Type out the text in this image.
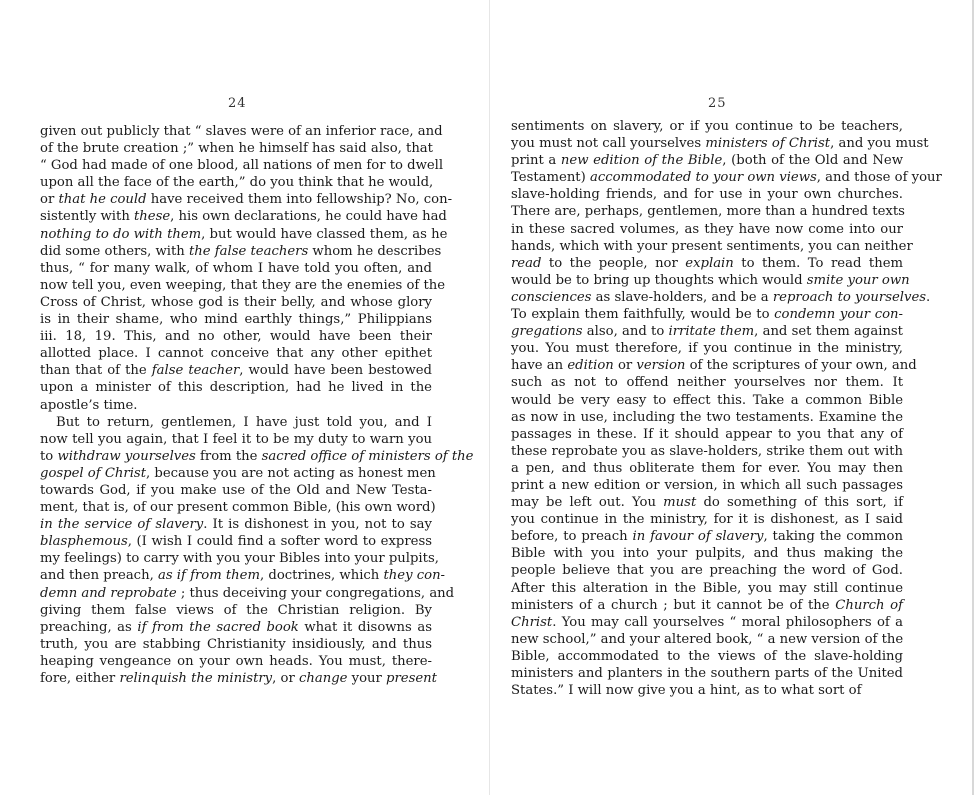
24
given out publicly that “ slaves were of an inferior race, and
of the brute creation ;” when he himself has said also, that
“ God had made of one blood, all nations of men for to dwell
upon all the face of the earth,” do you think that he would,
or that he could have received them into fellowship? No, con-
sistently with these, his own declarations, he could have had
nothing to do with them, but would have classed them, as he
did some others, with the false teachers whom he describes
thus, “ for many walk, of whom I have told you often, and
now tell you, even weeping, that they are the enemies of the
Cross of Christ, whose god is their belly, and whose glory
is in their shame, who mind earthly things,” Philippians
iii. 18, 19. This, and no other, would have been their
allotted place. I cannot conceive that any other epithet
than that of the false teacher, would have been bestowed
upon a minister of this description, had he lived in the
apostle’s time.
But to return, gentlemen, I have just told you, and I
now tell you again, that I feel it to be my duty to warn you
to withdraw yourselves from the sacred office of ministers of the
gospel of Christ, because you are not acting as honest men
towards God, if you make use of the Old and New Testa-
ment, that is, of our present common Bible, (his own word)
in the service of slavery. It is dishonest in you, not to say
blasphemous, (I wish I could find a softer word to express
my feelings) to carry with you your Bibles into your pulpits,
and then preach, as if from them, doctrines, which they con-
demn and reprobate ; thus deceiving your congregations, and
giving them false views of the Christian religion. By
preaching, as if from the sacred book what it disowns as
truth, you are stabbing Christianity insidiously, and thus
heaping vengeance on your own heads. You must, there-
fore, either relinquish the ministry, or change your present
25
sentiments on slavery, or if you continue to be teachers,
you must not call yourselves ministers of Christ, and you must
print a new edition of the Bible, (both of the Old and New
Testament) accommodated to your own views, and those of your
slave-holding friends, and for use in your own churches.
There are, perhaps, gentlemen, more than a hundred texts
in these sacred volumes, as they have now come into our
hands, which with your present sentiments, you can neither
read to the people, nor explain to them. To read them
would be to bring up thoughts which would smite your own
consciences as slave-holders, and be a reproach to yourselves.
To explain them faithfully, would be to condemn your con-
gregations also, and to irritate them, and set them against
you. You must therefore, if you continue in the ministry,
have an edition or version of the scriptures of your own, and
such as not to offend neither yourselves nor them. It
would be very easy to effect this. Take a common Bible
as now in use, including the two testaments. Examine the
passages in these. If it should appear to you that any of
these reprobate you as slave-holders, strike them out with
a pen, and thus obliterate them for ever. You may then
print a new edition or version, in which all such passages
may be left out. You must do something of this sort, if
you continue in the ministry, for it is dishonest, as I said
before, to preach in favour of slavery, taking the common
Bible with you into your pulpits, and thus making the
people believe that you are preaching the word of God.
After this alteration in the Bible, you may still continue
ministers of a church ; but it cannot be of the Church of
Christ. You may call yourselves “ moral philosophers of a
new school,” and your altered book, “ a new version of the
Bible, accommodated to the views of the slave-holding
ministers and planters in the southern parts of the United
States.” I will now give you a hint, as to what sort of
